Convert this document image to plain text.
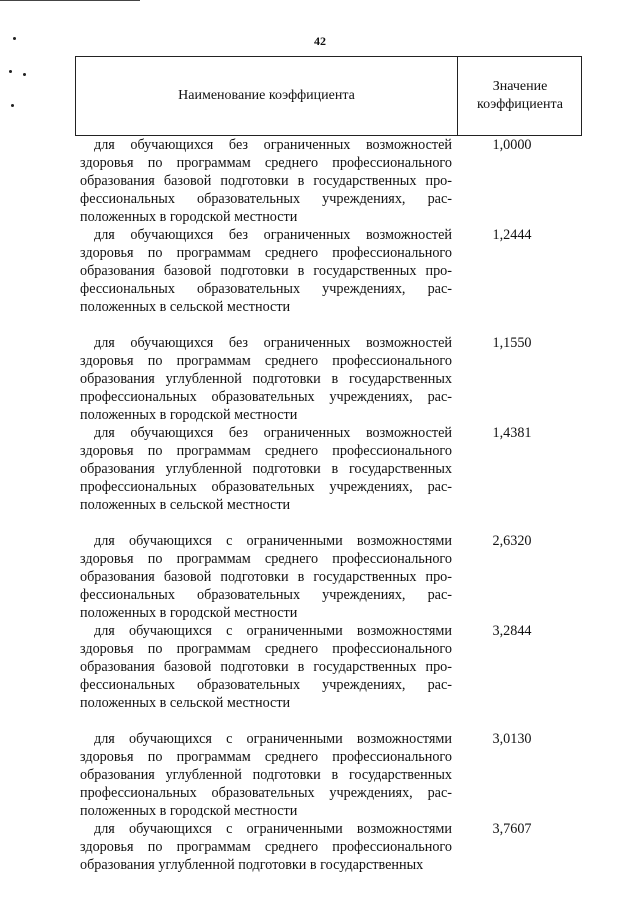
42
Наименование коэффициента
Значение
коэффициента
для обучающихся без ограниченных возможностей
здоровья по программам среднего профессионального
образования базовой подготовки в государственных про-
фессиональных образовательных учреждениях, рас-
положенных в городской местности
1,0000
для обучающихся без ограниченных возможностей
здоровья по программам среднего профессионального
образования базовой подготовки в государственных про-
фессиональных образовательных учреждениях, рас-
положенных в сельской местности
1,2444
для обучающихся без ограниченных возможностей
здоровья по программам среднего профессионального
образования углубленной подготовки в государственных
профессиональных образовательных учреждениях, рас-
положенных в городской местности
1,1550
для обучающихся без ограниченных возможностей
здоровья по программам среднего профессионального
образования углубленной подготовки в государственных
профессиональных образовательных учреждениях, рас-
положенных в сельской местности
1,4381
для обучающихся с ограниченными возможностями
здоровья по программам среднего профессионального
образования базовой подготовки в государственных про-
фессиональных образовательных учреждениях, рас-
положенных в городской местности
2,6320
для обучающихся с ограниченными возможностями
здоровья по программам среднего профессионального
образования базовой подготовки в государственных про-
фессиональных образовательных учреждениях, рас-
положенных в сельской местности
3,2844
для обучающихся с ограниченными возможностями
здоровья по программам среднего профессионального
образования углубленной подготовки в государственных
профессиональных образовательных учреждениях, рас-
положенных в городской местности
3,0130
для обучающихся с ограниченными возможностями
здоровья по программам среднего профессионального
образования углубленной подготовки в государственных
3,7607
